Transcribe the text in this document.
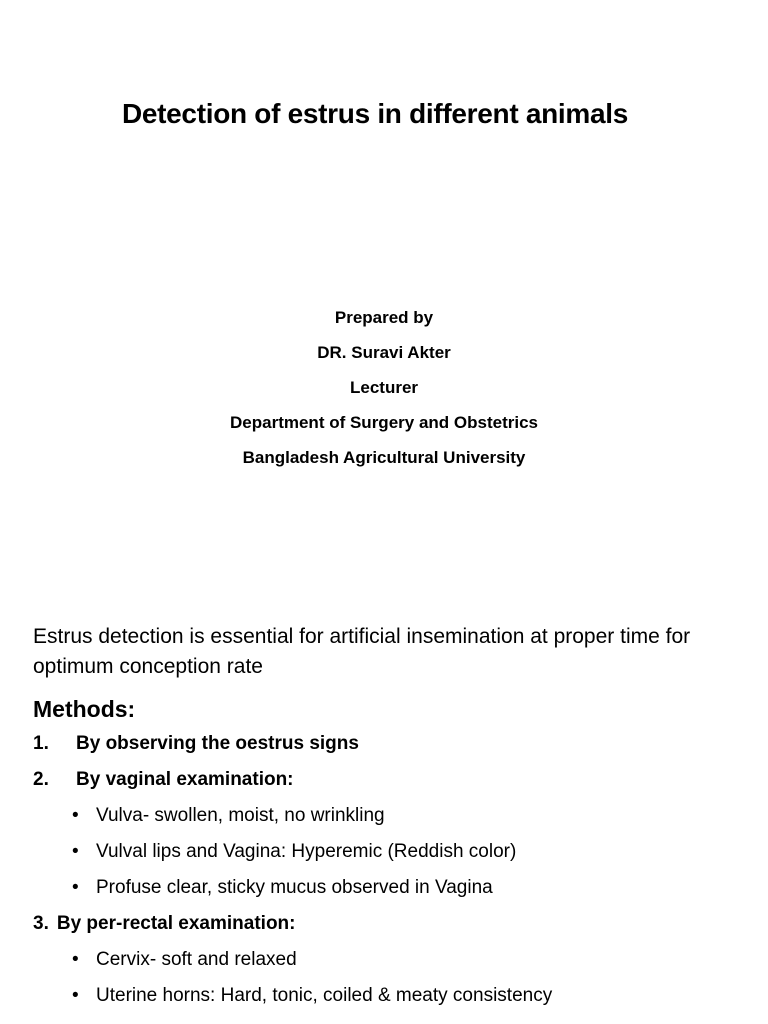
Detection of estrus in different animals
Prepared by
DR. Suravi Akter
Lecturer
Department of Surgery and Obstetrics
Bangladesh Agricultural University

Estrus detection is essential for artificial insemination at proper time for optimum conception rate

Methods:
1. By observing the oestrus signs
2. By vaginal examination:
• Vulva- swollen, moist, no wrinkling
• Vulval lips and Vagina: Hyperemic (Reddish color)
• Profuse clear, sticky mucus observed in Vagina
3. By per-rectal examination:
• Cervix- soft and relaxed
• Uterine horns: Hard, tonic, coiled & meaty consistency
